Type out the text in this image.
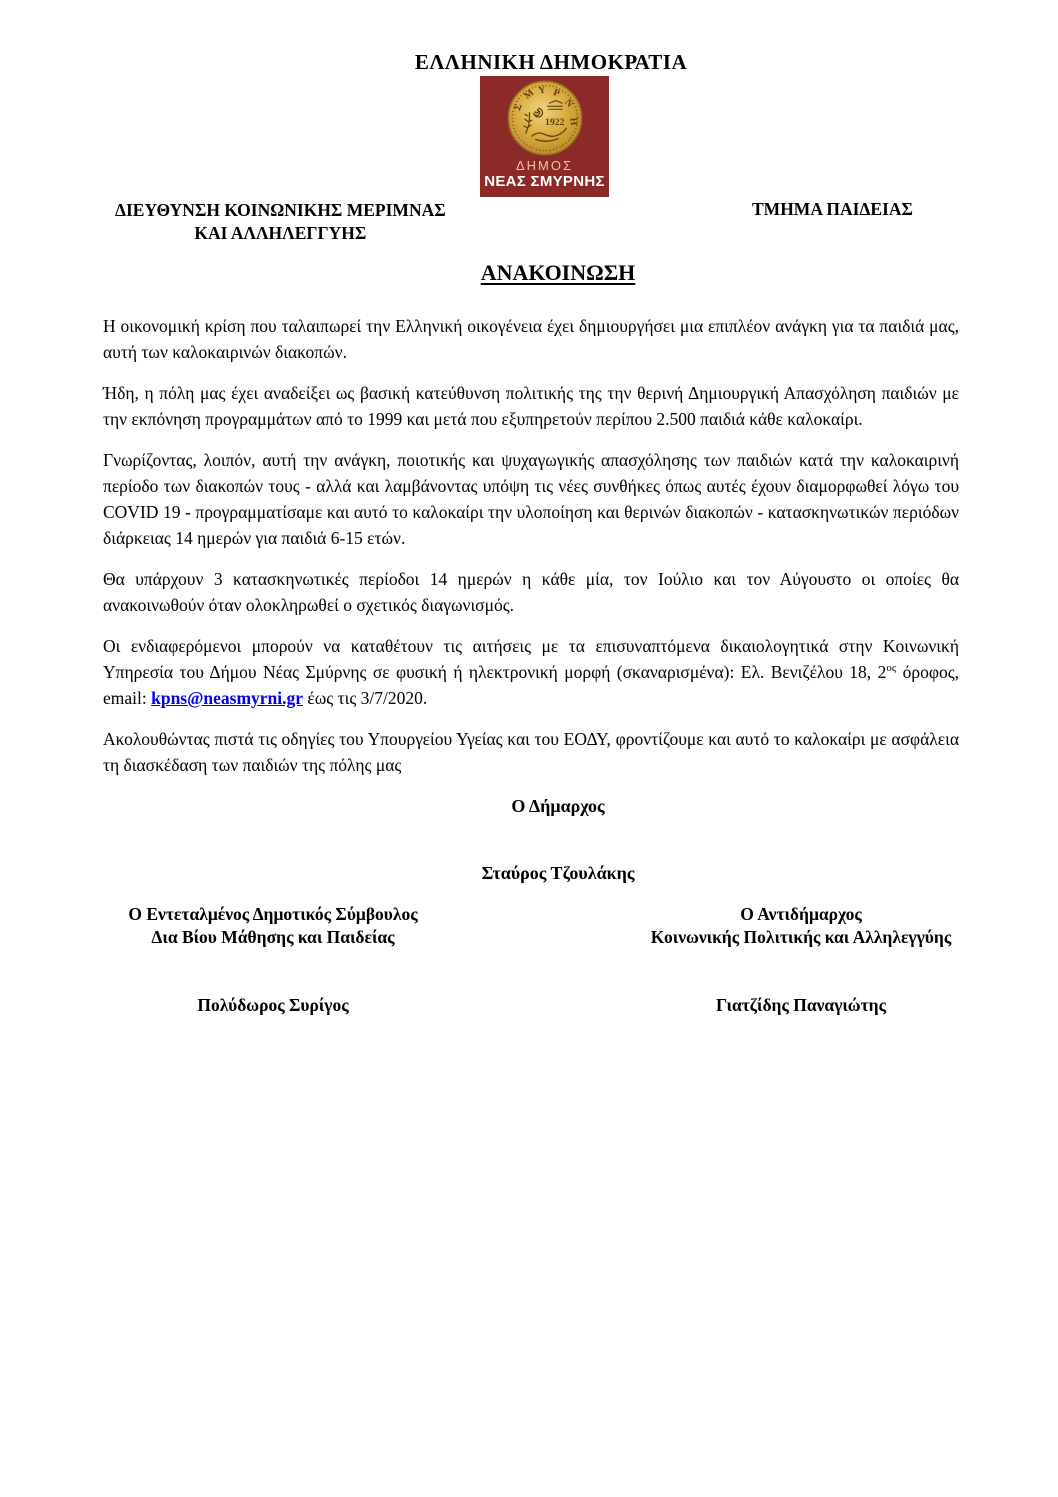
ΕΛΛΗΝΙΚΗ ΔΗΜΟΚΡΑΤΙΑ
Σ
Μ Υ Ρ
Ν
Η
1922
ΔΗΜΟΣ
ΝΕΑΣ ΣΜΥΡΝΗΣ
ΔΙΕΥΘΥΝΣΗ ΚΟΙΝΩΝΙΚΗΣ ΜΕΡΙΜΝΑΣ
ΚΑΙ ΑΛΛΗΛΕΓΓΥΗΣ
ΤΜΗΜΑ ΠΑΙΔΕΙΑΣ
ΑΝΑΚΟΙΝΩΣΗ

Η οικονομική κρίση που ταλαιπωρεί την Ελληνική οικογένεια έχει δημιουργήσει μια επιπλέον ανάγκη για τα παιδιά μας, αυτή των καλοκαιρινών διακοπών.

Ήδη, η πόλη μας έχει αναδείξει ως βασική κατεύθυνση πολιτικής της την θερινή Δημιουργική Απασχόληση παιδιών με την εκπόνηση προγραμμάτων από το 1999 και μετά που εξυπηρετούν περίπου 2.500 παιδιά κάθε καλοκαίρι.

Γνωρίζοντας, λοιπόν, αυτή την ανάγκη, ποιοτικής και ψυχαγωγικής απασχόλησης των παιδιών κατά την καλοκαιρινή περίοδο των διακοπών τους - αλλά και λαμβάνοντας υπόψη τις νέες συνθήκες όπως αυτές έχουν διαμορφωθεί λόγω του COVID 19 - προγραμματίσαμε και αυτό το καλοκαίρι την υλοποίηση και θερινών διακοπών - κατασκηνωτικών περιόδων διάρκειας 14 ημερών για παιδιά 6-15 ετών.

Θα υπάρχουν 3 κατασκηνωτικές περίοδοι 14 ημερών η κάθε μία, τον Ιούλιο και τον Αύγουστο οι οποίες θα ανακοινωθούν όταν ολοκληρωθεί ο σχετικός διαγωνισμός.

Οι ενδιαφερόμενοι μπορούν να καταθέτουν τις αιτήσεις με τα επισυναπτόμενα δικαιολογητικά στην Κοινωνική Υπηρεσία του Δήμου Νέας Σμύρνης σε φυσική ή ηλεκτρονική μορφή (σκαναρισμένα): Ελ. Βενιζέλου 18, $2^{o\varsigma}$ όροφος, email: kpns@neasmyrni.gr έως τις 3/7/2020.

Ακολουθώντας πιστά τις οδηγίες του Υπουργείου Υγείας και του ΕΟΔΥ, φροντίζουμε και αυτό το καλοκαίρι με ασφάλεια τη διασκέδαση των παιδιών της πόλης μας

Ο Δήμαρχος
Σταύρος Τζουλάκης
Ο Εντεταλμένος Δημοτικός Σύμβουλος
Δια Βίου Μάθησης και Παιδείας
Πολύδωρος Συρίγος
Ο Αντιδήμαρχος
Κοινωνικής Πολιτικής και Αλληλεγγύης
Γιατζίδης Παναγιώτης
